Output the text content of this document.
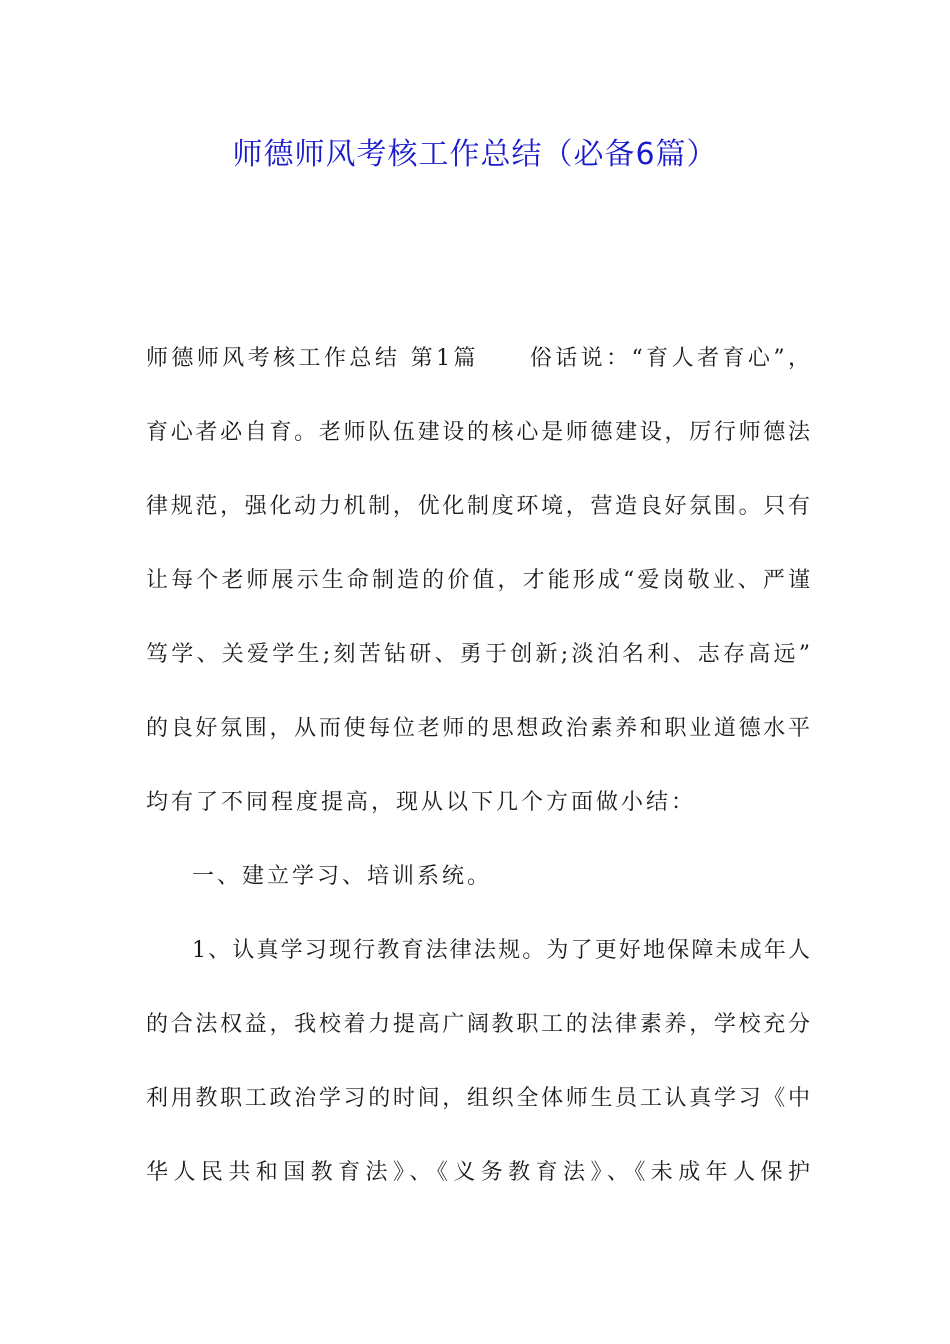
师德师风考核工作总结（必备6篇）
师德师风考核工作总结 第1篇　　俗话说：“育人者育心”，
育心者必自育。老师队伍建设的核心是师德建设，厉行师德法
律规范，强化动力机制，优化制度环境，营造良好氛围。只有
让每个老师展示生命制造的价值，才能形成“爱岗敬业、严谨
笃学、关爱学生;刻苦钻研、勇于创新;淡泊名利、志存高远”
的良好氛围，从而使每位老师的思想政治素养和职业道德水平
均有了不同程度提高，现从以下几个方面做小结：
一、建立学习、培训系统。
1、认真学习现行教育法律法规。为了更好地保障未成年人
的合法权益，我校着力提高广阔教职工的法律素养，学校充分
利用教职工政治学习的时间，组织全体师生员工认真学习《中
华人民共和国教育法》、《义务教育法》、《未成年人保护
